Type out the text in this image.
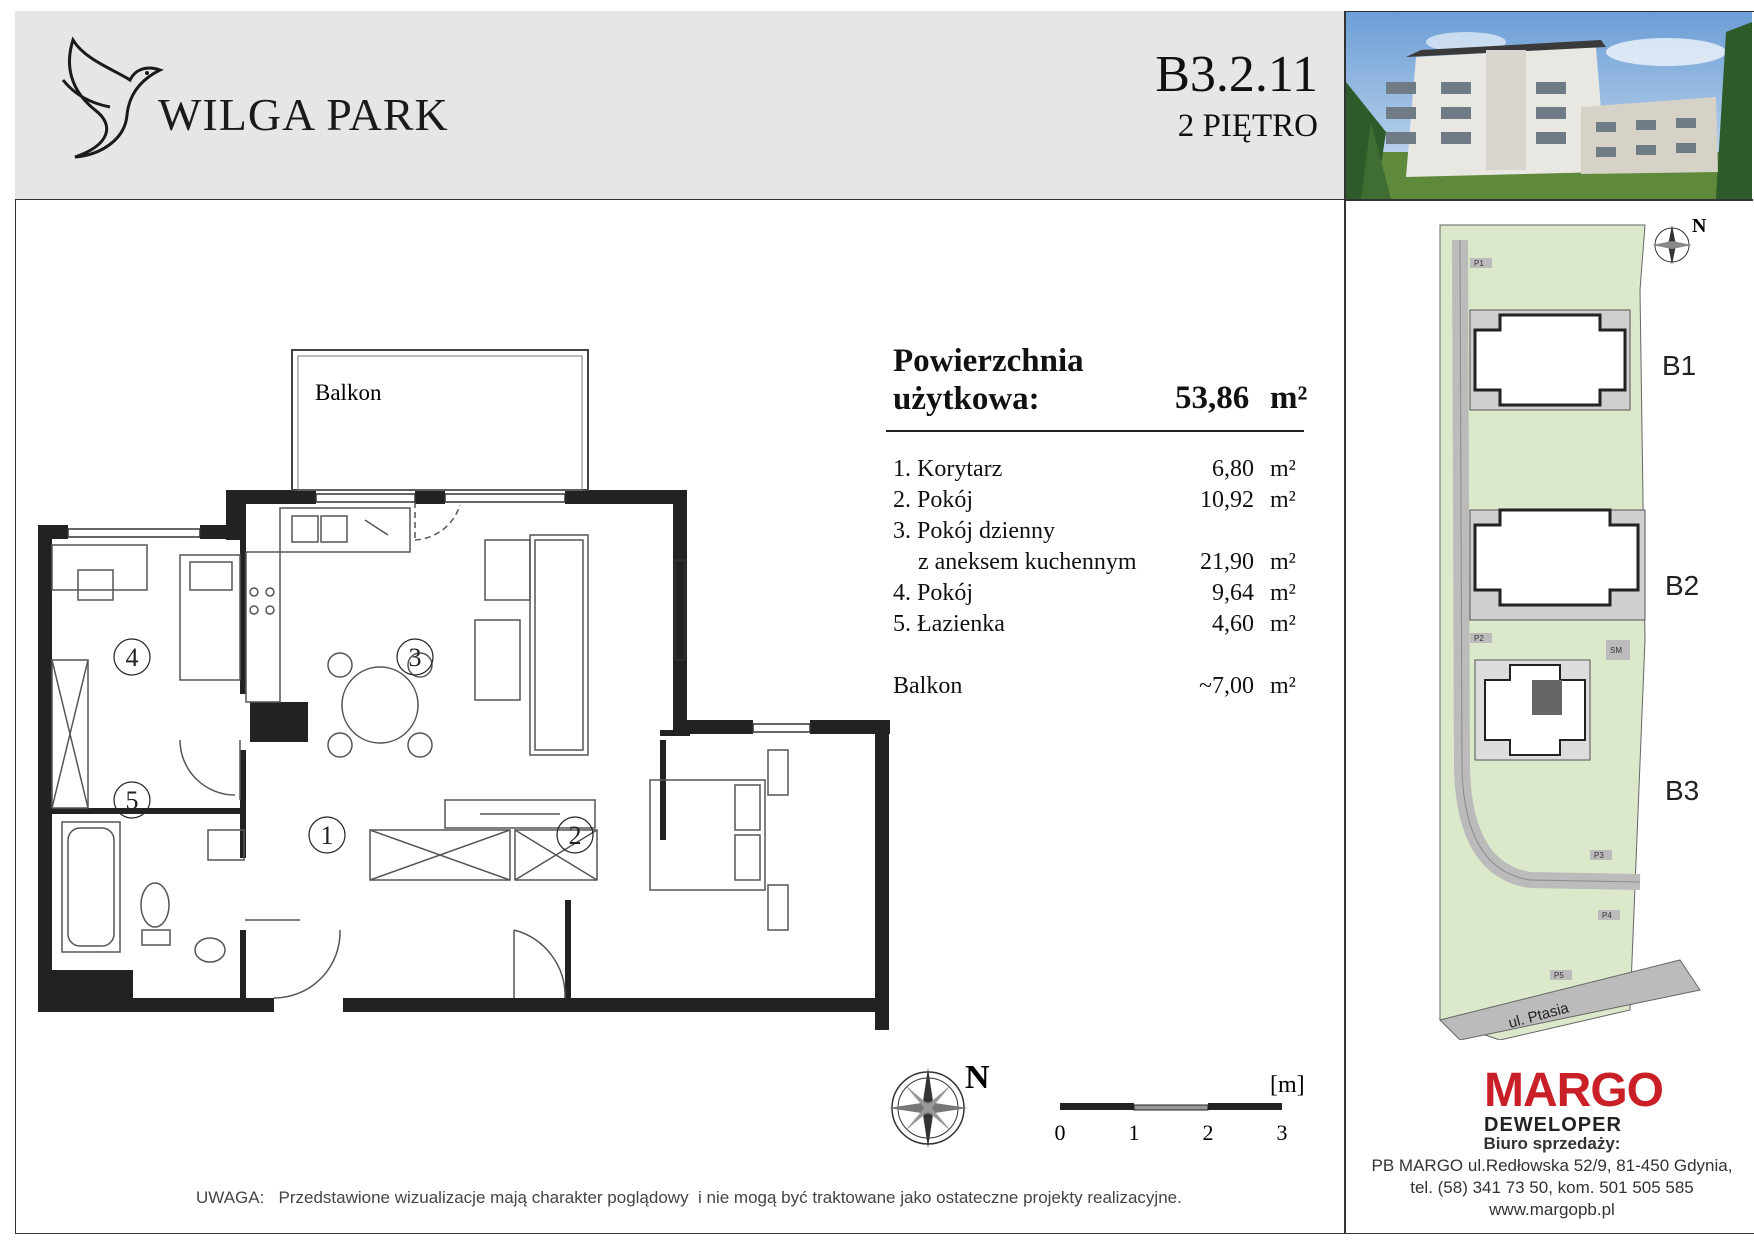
WILGA PARK
B3.2.11
2 PIĘTRO
Balkon
1	2
3
4
5
Powierzchnia
użytkowa:	53,86 m²
1. Korytarz	6,80 m²
2. Pokój	10,92 m²
3. Pokój dzienny
z aneksem kuchennym	21,90 m²
4. Pokój	9,64 m²
5. Łazienka	4,60 m²
Balkon	~7,00 m²
N	[m]
0	1	2	3
P1
P2
P3
P4
P5
SM
ul. Ptasia
B1
B2
B3
N
MARGO
DEWELOPER
Biuro sprzedaży:
PB MARGO ul.Redłowska 52/9, 81-450 Gdynia,
tel. (58) 341 73 50, kom. 501 505 585
www.margopb.pl
UWAGA:   Przedstawione wizualizacje mają charakter poglądowy  i nie mogą być traktowane jako ostateczne projekty realizacyjne.
